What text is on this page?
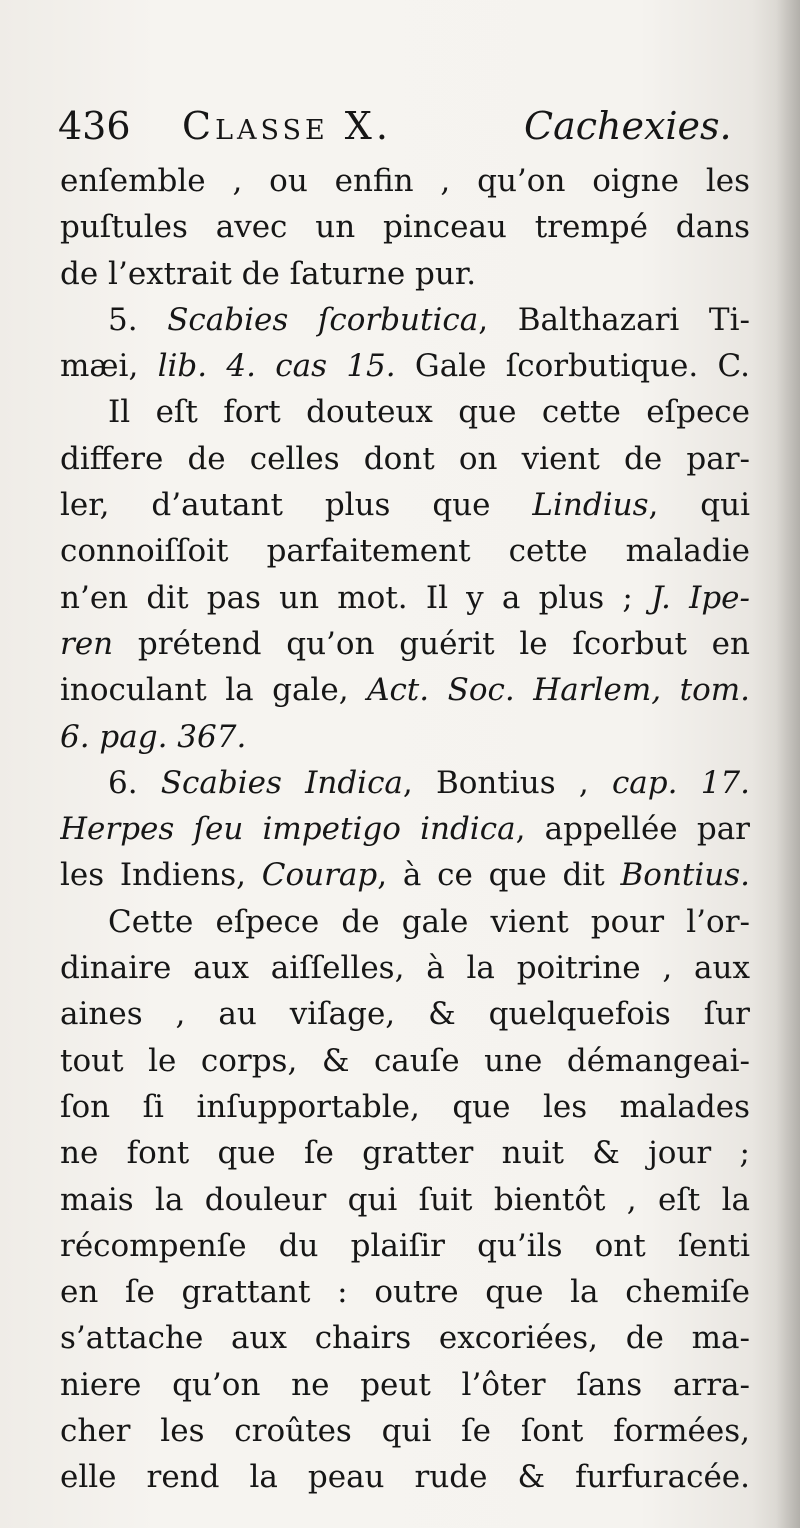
436 Classe X.	Cachexies.
enſemble , ou enfin , qu’on oigne les
puſtules avec un pinceau trempé dans
de l’extrait de ſaturne pur.
5. Scabies ſcorbutica, Balthazari Ti-
mæi, lib. 4. cas 15. Gale ſcorbutique. C.
Il eſt fort douteux que cette eſpece
differe de celles dont on vient de par-
ler, d’autant plus que Lindius, qui
connoiſſoit parfaitement cette maladie
n’en dit pas un mot. Il y a plus ; J. Ipe-
ren prétend qu’on guérit le ſcorbut en
inoculant la gale, Act. Soc. Harlem, tom.
6. pag. 367.
6. Scabies Indica, Bontius , cap. 17.
Herpes ſeu impetigo indica, appellée par
les Indiens, Courap, à ce que dit Bontius.
Cette eſpece de gale vient pour l’or-
dinaire aux aiſſelles, à la poitrine , aux
aines , au viſage, & quelquefois ſur
tout le corps, & cauſe une démangeai-
ſon ſi inſupportable, que les malades
ne font que ſe gratter nuit & jour ;
mais la douleur qui ſuit bientôt , eſt la
récompenſe du plaiſir qu’ils ont ſenti
en ſe grattant : outre que la chemiſe
s’attache aux chairs excoriées, de ma-
niere qu’on ne peut l’ôter ſans arra-
cher les croûtes qui ſe ſont formées,
elle rend la peau rude & furfuracée.
